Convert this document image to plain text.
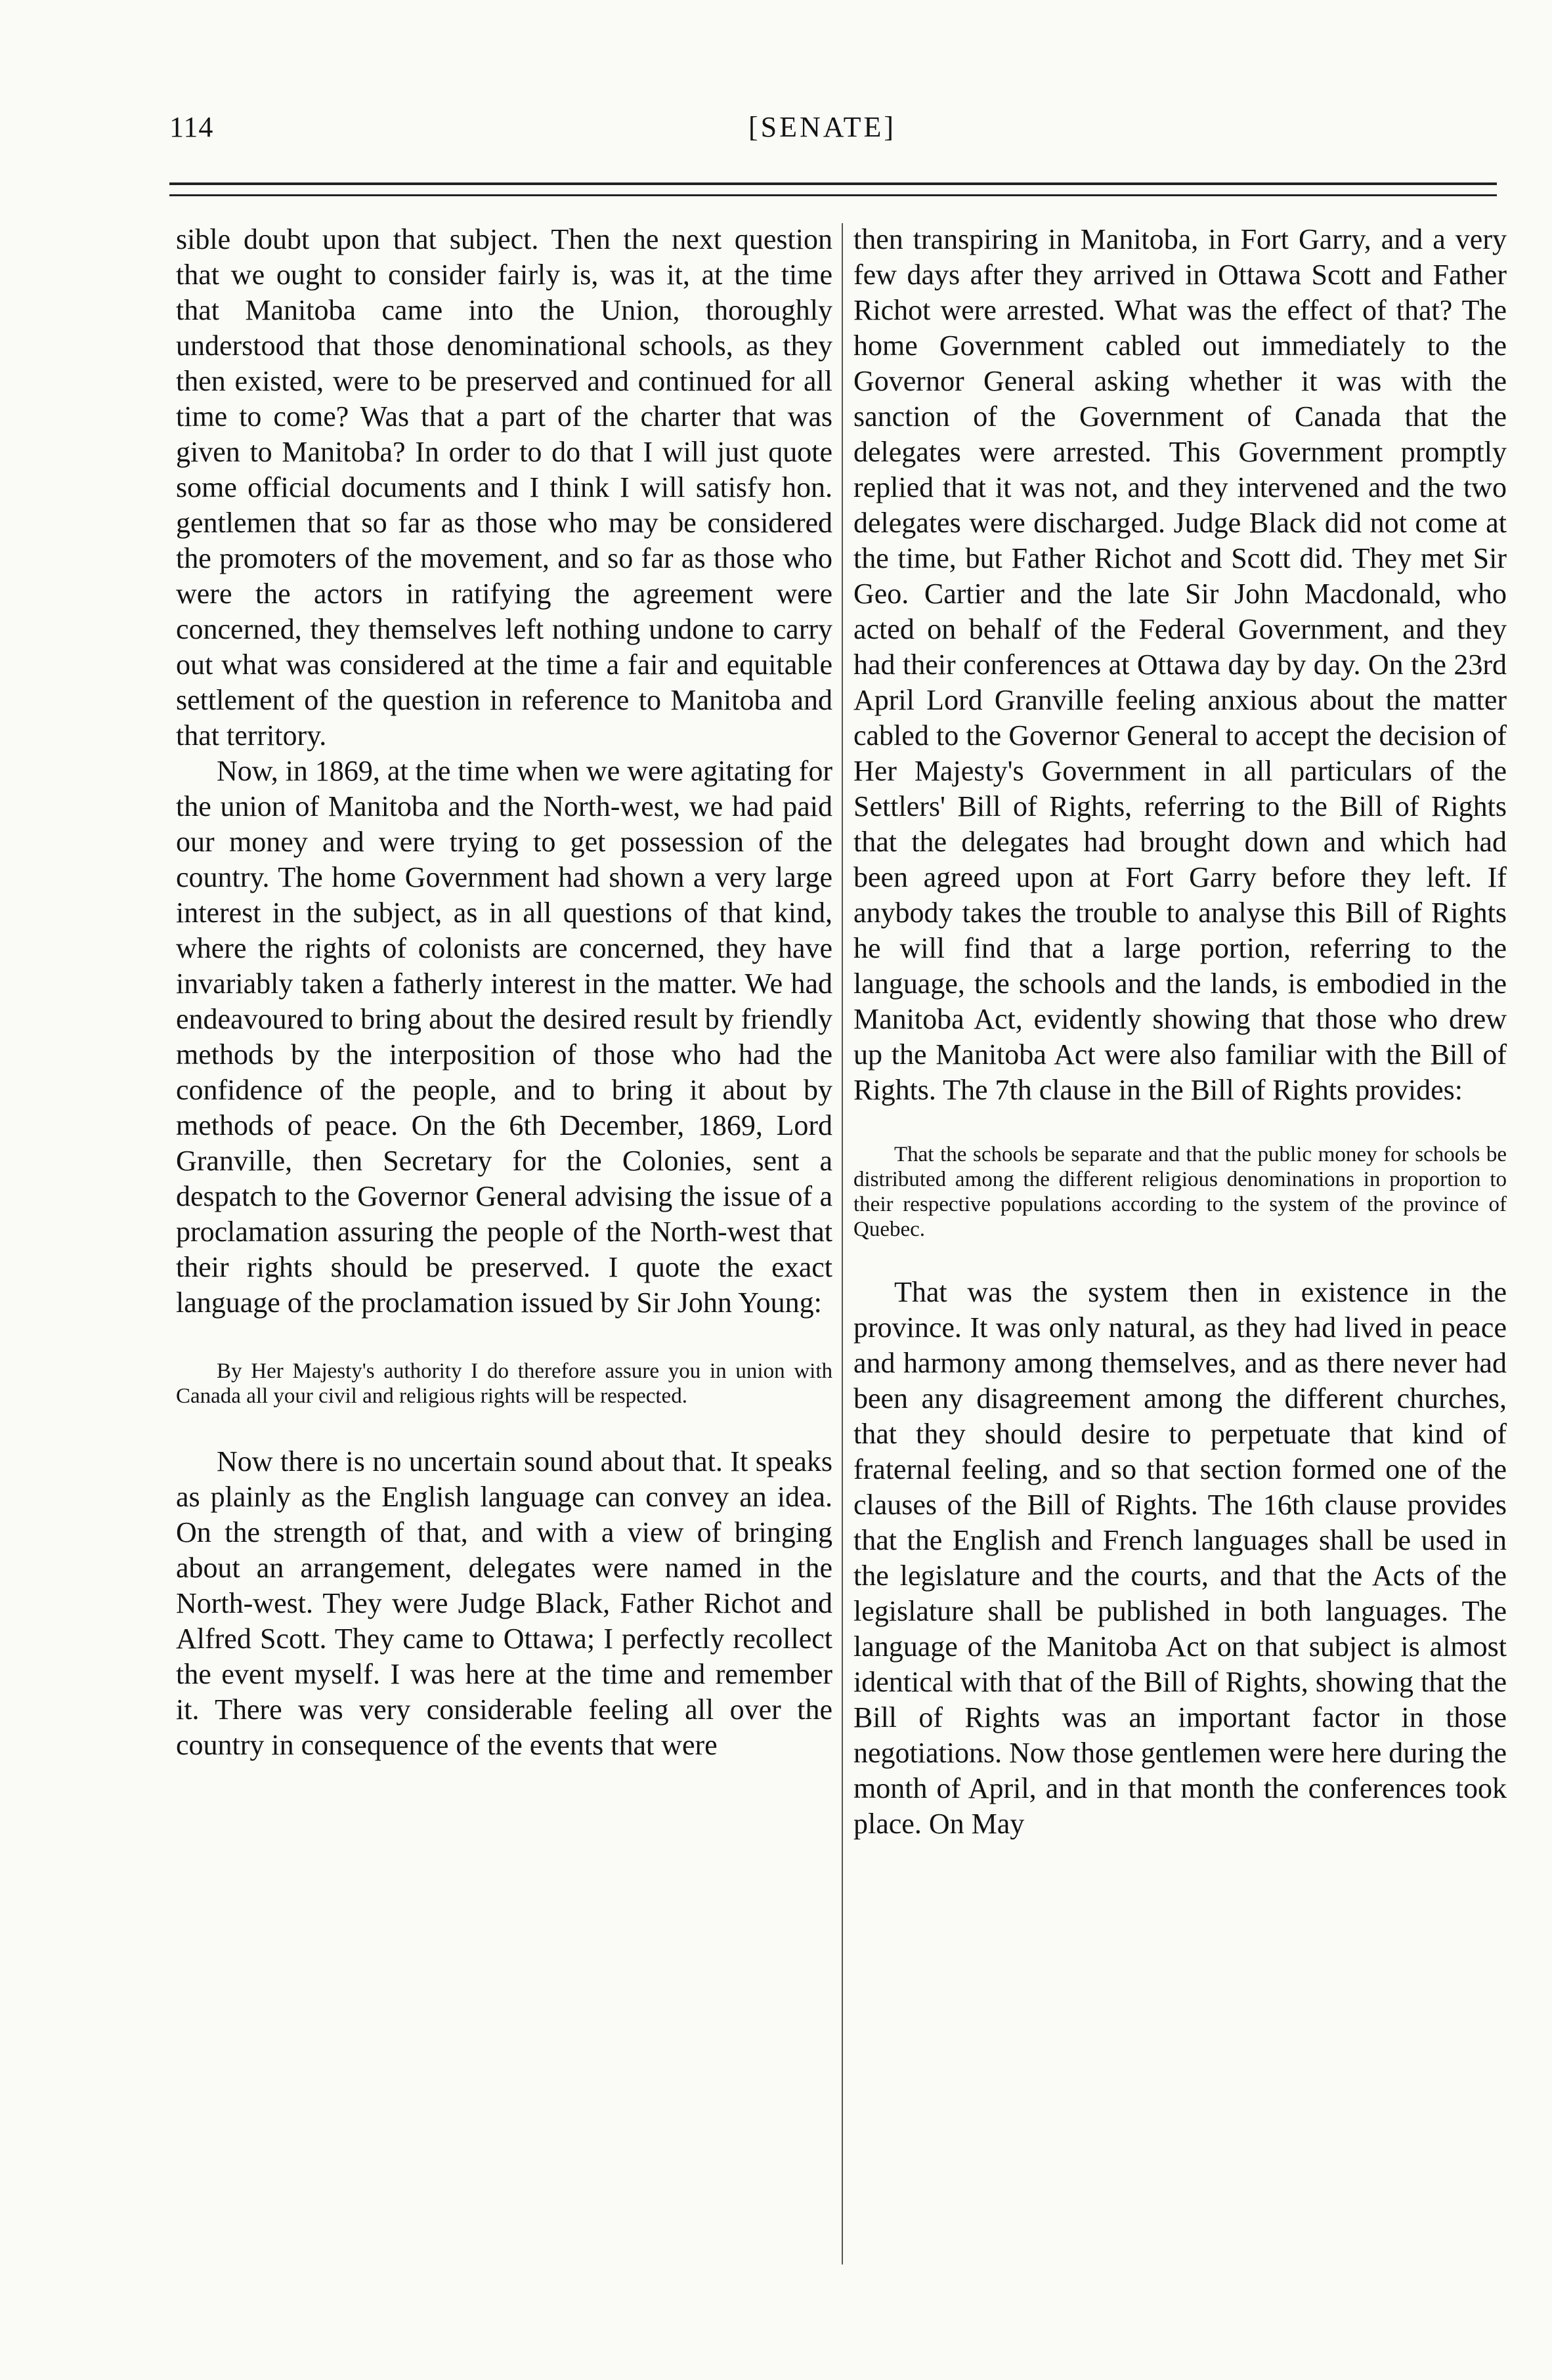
114	[SENATE]

sible doubt upon that subject. Then the next question that we ought to consider fairly is, was it, at the time that Manitoba came into the Union, thoroughly understood that those denominational schools, as they then existed, were to be preserved and continued for all time to come? Was that a part of the charter that was given to Manitoba? In order to do that I will just quote some official documents and I think I will satisfy hon. gentlemen that so far as those who may be considered the promoters of the movement, and so far as those who were the actors in ratifying the agreement were concerned, they themselves left nothing undone to carry out what was considered at the time a fair and equitable settlement of the question in reference to Manitoba and that territory.

Now, in 1869, at the time when we were agitating for the union of Manitoba and the North-west, we had paid our money and were trying to get possession of the country. The home Government had shown a very large interest in the subject, as in all questions of that kind, where the rights of colonists are concerned, they have invariably taken a fatherly interest in the matter. We had endeavoured to bring about the desired result by friendly methods by the interposition of those who had the confidence of the people, and to bring it about by methods of peace. On the 6th December, 1869, Lord Granville, then Secretary for the Colonies, sent a despatch to the Governor General advising the issue of a proclamation assuring the people of the North-west that their rights should be preserved. I quote the exact language of the proclamation issued by Sir John Young:

By Her Majesty's authority I do therefore assure you in union with Canada all your civil and religious rights will be respected.

Now there is no uncertain sound about that. It speaks as plainly as the English language can convey an idea. On the strength of that, and with a view of bringing about an arrangement, delegates were named in the North-west. They were Judge Black, Father Richot and Alfred Scott. They came to Ottawa; I perfectly recollect the event myself. I was here at the time and remember it. There was very considerable feeling all over the country in consequence of the events that were

then transpiring in Manitoba, in Fort Garry, and a very few days after they arrived in Ottawa Scott and Father Richot were arrested. What was the effect of that? The home Government cabled out immediately to the Governor General asking whether it was with the sanction of the Government of Canada that the delegates were arrested. This Government promptly replied that it was not, and they intervened and the two delegates were discharged. Judge Black did not come at the time, but Father Richot and Scott did. They met Sir Geo. Cartier and the late Sir John Macdonald, who acted on behalf of the Federal Government, and they had their conferences at Ottawa day by day. On the 23rd April Lord Granville feeling anxious about the matter cabled to the Governor General to accept the decision of Her Majesty's Government in all particulars of the Settlers' Bill of Rights, referring to the Bill of Rights that the delegates had brought down and which had been agreed upon at Fort Garry before they left. If anybody takes the trouble to analyse this Bill of Rights he will find that a large portion, referring to the language, the schools and the lands, is embodied in the Manitoba Act, evidently showing that those who drew up the Manitoba Act were also familiar with the Bill of Rights. The 7th clause in the Bill of Rights provides:

That the schools be separate and that the public money for schools be distributed among the different religious denominations in proportion to their respective populations according to the system of the province of Quebec.

That was the system then in existence in the province. It was only natural, as they had lived in peace and harmony among themselves, and as there never had been any disagreement among the different churches, that they should desire to perpetuate that kind of fraternal feeling, and so that section formed one of the clauses of the Bill of Rights. The 16th clause provides that the English and French languages shall be used in the legislature and the courts, and that the Acts of the legislature shall be published in both languages. The language of the Manitoba Act on that subject is almost identical with that of the Bill of Rights, showing that the Bill of Rights was an important factor in those negotiations. Now those gentlemen were here during the month of April, and in that month the conferences took place. On May
